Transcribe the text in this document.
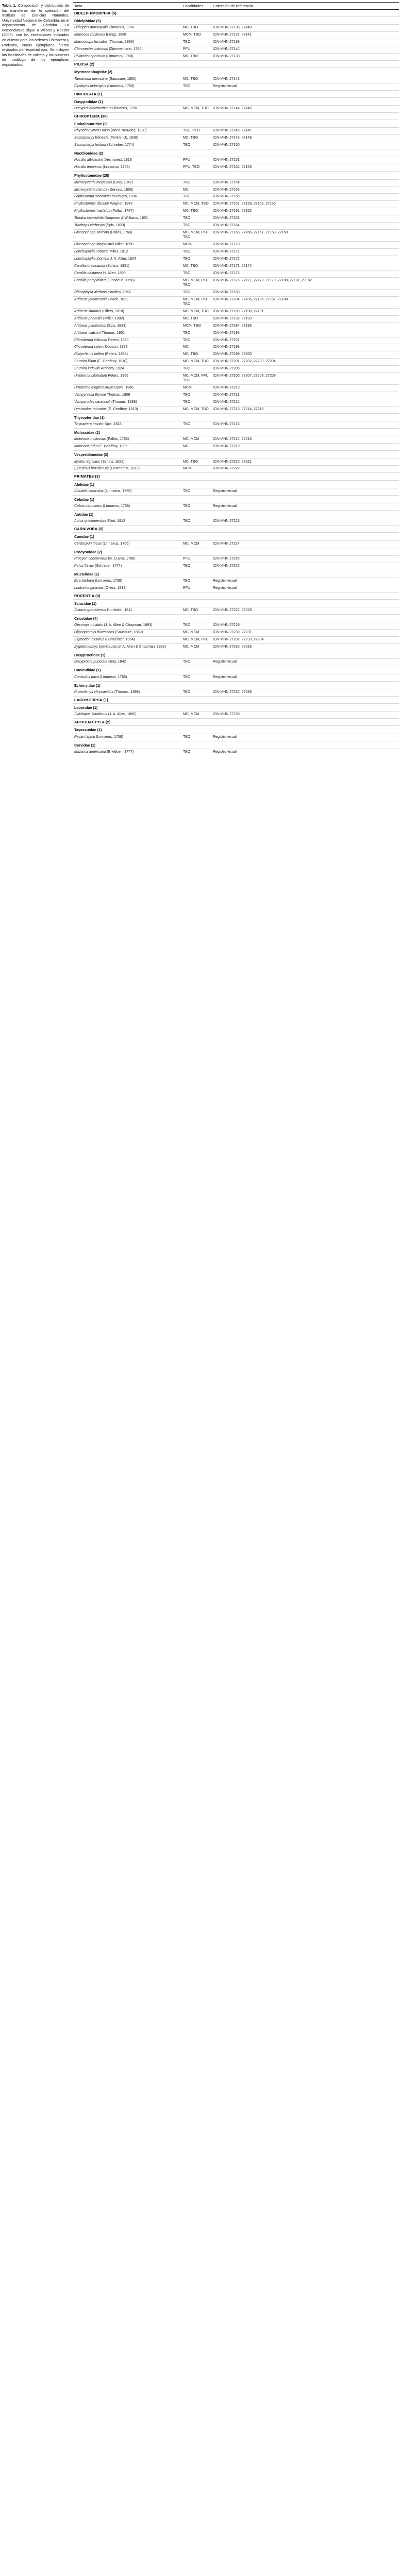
Tabla 1. Composición y distribución de los mamíferos de la colección del Instituto de Ciencias Naturales, Universidad Nacional de Colombia, en el departamento de Córdoba. La nomenclatura sigue a Wilson y Reeder (2005), con las excepciones indicadas en el texto para los órdenes Chiroptera y Rodentia, cuyos ejemplares fueron revisados por especialistas. Se incluyen las localidades de colecta y los números de catálogo de los ejemplares depositados.
Taxa	Localidades	Colección de referencia
DIDELPHIMORPHIA (5)		
Didelphidae (5)		
Didelphis marsupialis Linnaeus, 1758	MC, TBO	ICN-MHN 27136, 27140
Marmosa robinsoni Bangs, 1898	MCM, TBO	ICN-MHN 27137, 27141
Marmosops fuscatus (Thomas, 1896)	TBO	ICN-MHN 27139
Chironectes minimus (Zimmermann, 1780)	PFU	ICN-MHN 27142
Philander opossum (Linnaeus, 1758)	MC, TBO	ICN-MHN 27138
PILOSA (2)		
Myrmecophagidae (2)		
Tamandua mexicana (Saussure, 1860)	MC, TBO	ICN-MHN 27143
Cyclopes didactylus (Linnaeus, 1758)	TBO	Registro visual
CINGULATA (1)		
Dasypodidae (1)		
Dasypus novemcinctus Linnaeus, 1758	MC, MCM, TBO	ICN-MHN 27144, 27145
CHIROPTERA (38)		
Emballonuridae (3)		
Rhynchonycteris naso (Wied-Neuwied, 1820)	TBO, PFU	ICN-MHN 27146, 27147
Saccopteryx bilineata (Temminck, 1838)	MC, TBO	ICN-MHN 27148, 27149
Saccopteryx leptura (Schreber, 1774)	TBO	ICN-MHN 27150
Noctilionidae (2)		
Noctilio albiventris Desmarest, 1818	PFU	ICN-MHN 27151
Noctilio leporinus (Linnaeus, 1758)	PFU, TBO	ICN-MHN 27152, 27153
Phyllostomidae (28)		
Micronycteris megalotis (Gray, 1842)	TBO	ICN-MHN 27154
Micronycteris minuta (Gervais, 1856)	MC	ICN-MHN 27155
Lophostoma silvicolum d'Orbigny, 1836	TBO	ICN-MHN 27156
Phyllostomus discolor Wagner, 1843	MC, MCM, TBO	ICN-MHN 27157, 27158, 27159, 27160
Phyllostomus hastatus (Pallas, 1767)	MC, TBO	ICN-MHN 27161, 27162
Tonatia saurophila Koopman & Williams, 1951	TBO	ICN-MHN 27163
Trachops cirrhosus (Spix, 1823)	TBO	ICN-MHN 27164
Glossophaga soricina (Pallas, 1766)	MC, MCM, PFU, TBO	ICN-MHN 27165, 27166, 27167, 27168, 27169
Glossophaga longirostris Miller, 1898	MCM	ICN-MHN 27170
Lonchophylla robusta Miller, 1912	TBO	ICN-MHN 27171
Lonchophylla thomasi J. A. Allen, 1904	TBO	ICN-MHN 27172
Carollia brevicauda (Schinz, 1821)	MC, TBO	ICN-MHN 27173, 27174
Carollia castanea H. Allen, 1890	TBO	ICN-MHN 27175
Carollia perspicillata (Linnaeus, 1758)	MC, MCM, PFU, TBO	ICN-MHN 27176, 27177, 27178, 27179, 27180, 27181, 27182
Rhinophylla alethina Handley, 1966	TBO	ICN-MHN 27183
Artibeus jamaicensis Leach, 1821	MC, MCM, PFU, TBO	ICN-MHN 27184, 27185, 27186, 27187, 27188
Artibeus lituratus (Olfers, 1818)	MC, MCM, TBO	ICN-MHN 27189, 27190, 27191
Artibeus phaeotis (Miller, 1902)	MC, TBO	ICN-MHN 27192, 27193
Artibeus planirostris (Spix, 1823)	MCM, TBO	ICN-MHN 27194, 27195
Artibeus watsoni Thomas, 1901	TBO	ICN-MHN 27196
Chiroderma villosum Peters, 1860	TBO	ICN-MHN 27197
Chiroderma salvini Dobson, 1878	MC	ICN-MHN 27198
Platyrrhinus helleri (Peters, 1866)	MC, TBO	ICN-MHN 27199, 27200
Sturnira lilium (É. Geoffroy, 1810)	MC, MCM, TBO	ICN-MHN 27201, 27202, 27203, 27204
Sturnira ludovici Anthony, 1924	TBO	ICN-MHN 27205
Uroderma bilobatum Peters, 1866	MC, MCM, PFU, TBO	ICN-MHN 27206, 27207, 27208, 27209
Uroderma magnirostrum Davis, 1968	MCM	ICN-MHN 27210
Vampyressa thyone Thomas, 1909	TBO	ICN-MHN 27211
Vampyrodes caraccioli (Thomas, 1889)	TBO	ICN-MHN 27212
Desmodus rotundus (É. Geoffroy, 1810)	MC, MCM, TBO	ICN-MHN 27213, 27214, 27215
Thyropteridae (1)		
Thyroptera tricolor Spix, 1823	TBO	ICN-MHN 27216
Molossidae (2)		
Molossus molossus (Pallas, 1766)	MC, MCM	ICN-MHN 27217, 27218
Molossus rufus É. Geoffroy, 1805	MC	ICN-MHN 27219
Vespertilionidae (2)		
Myotis nigricans (Schinz, 1821)	MC, TBO	ICN-MHN 27220, 27221
Eptesicus brasiliensis (Desmarest, 1819)	MCM	ICN-MHN 27222
PRIMATES (3)		
Atelidae (1)		
Alouatta seniculus (Linnaeus, 1766)	TBO	Registro visual
Cebidae (1)		
Cebus capucinus (Linnaeus, 1758)	TBO	Registro visual
Aotidae (1)		
Aotus griseimembra Elliot, 1912	TBO	ICN-MHN 27223
CARNIVORA (5)		
Canidae (1)		
Cerdocyon thous (Linnaeus, 1766)	MC, MCM	ICN-MHN 27224
Procyonidae (2)		
Procyon cancrivorus (G. Cuvier, 1798)	PFU	ICN-MHN 27225
Potos flavus (Schreber, 1774)	TBO	ICN-MHN 27226
Mustelidae (2)		
Eira barbara (Linnaeus, 1758)	TBO	Registro visual
Lontra longicaudis (Olfers, 1818)	PFU	Registro visual
RODENTIA (8)		
Sciuridae (1)		
Sciurus granatensis Humboldt, 1811	MC, TBO	ICN-MHN 27227, 27228
Cricetidae (4)		
Oecomys trinitatis (J. A. Allen & Chapman, 1893)	TBO	ICN-MHN 27229
Oligoryzomys fulvescens (Saussure, 1860)	MC, MCM	ICN-MHN 27230, 27231
Sigmodon hirsutus (Burmeister, 1854)	MC, MCM, PFU	ICN-MHN 27232, 27233, 27234
Zygodontomys brevicauda (J. A. Allen & Chapman, 1893)	MC, MCM	ICN-MHN 27235, 27236
Dasyproctidae (1)		
Dasyprocta punctata Gray, 1842	TBO	Registro visual
Cuniculidae (1)		
Cuniculus paca (Linnaeus, 1766)	TBO	Registro visual
Echimyidae (1)		
Proechimys chrysaeolus (Thomas, 1898)	TBO	ICN-MHN 27237, 27238
LAGOMORPHA (1)		
Leporidae (1)		
Sylvilagus floridanus (J. A. Allen, 1890)	MC, MCM	ICN-MHN 27239
ARTIODACTYLA (2)		
Tayassuidae (1)		
Pecari tajacu (Linnaeus, 1758)	TBO	Registro visual
Cervidae (1)		
Mazama americana (Erxleben, 1777)	TBO	Registro visual
